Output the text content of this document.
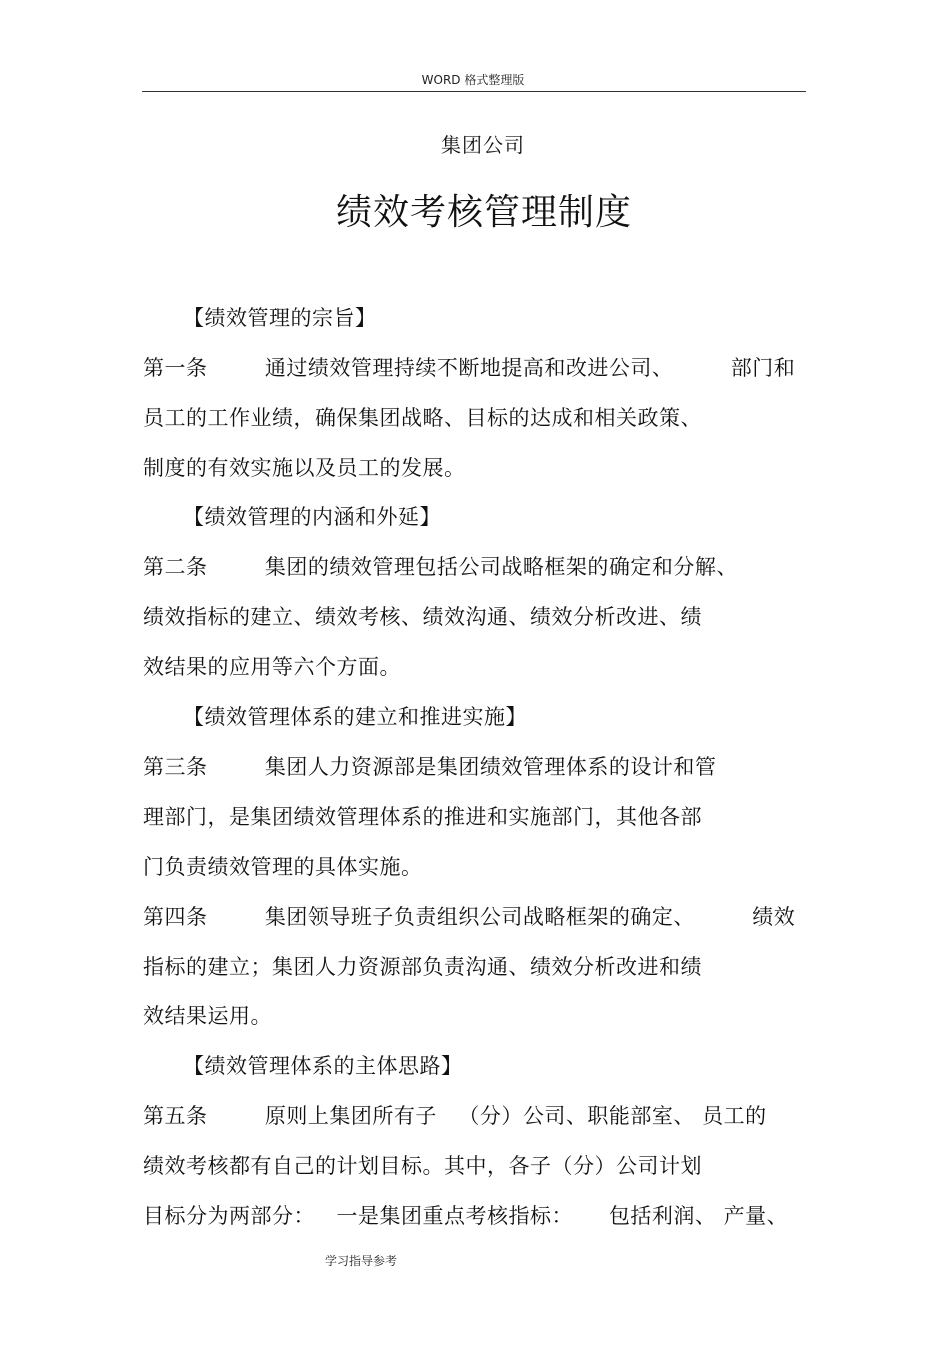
WORD 格式整理版
集团公司
绩效考核管理制度
【绩效管理的宗旨】
第一条        通过绩效管理持续不断地提高和改进公司、        部门和
员工的工作业绩，确保集团战略、目标的达成和相关政策、
制度的有效实施以及员工的发展。
【绩效管理的内涵和外延】
第二条        集团的绩效管理包括公司战略框架的确定和分解、
绩效指标的建立、绩效考核、绩效沟通、绩效分析改进、绩
效结果的应用等六个方面。
【绩效管理体系的建立和推进实施】
第三条        集团人力资源部是集团绩效管理体系的设计和管
理部门，是集团绩效管理体系的推进和实施部门，其他各部
门负责绩效管理的具体实施。
第四条        集团领导班子负责组织公司战略框架的确定、        绩效
指标的建立；集团人力资源部负责沟通、绩效分析改进和绩
效结果运用。
【绩效管理体系的主体思路】
第五条        原则上集团所有子   （分）公司、职能部室、 员工的
绩效考核都有自己的计划目标。其中，各子（分）公司计划
目标分为两部分：   一是集团重点考核指标：     包括利润、 产量、
学习指导参考
